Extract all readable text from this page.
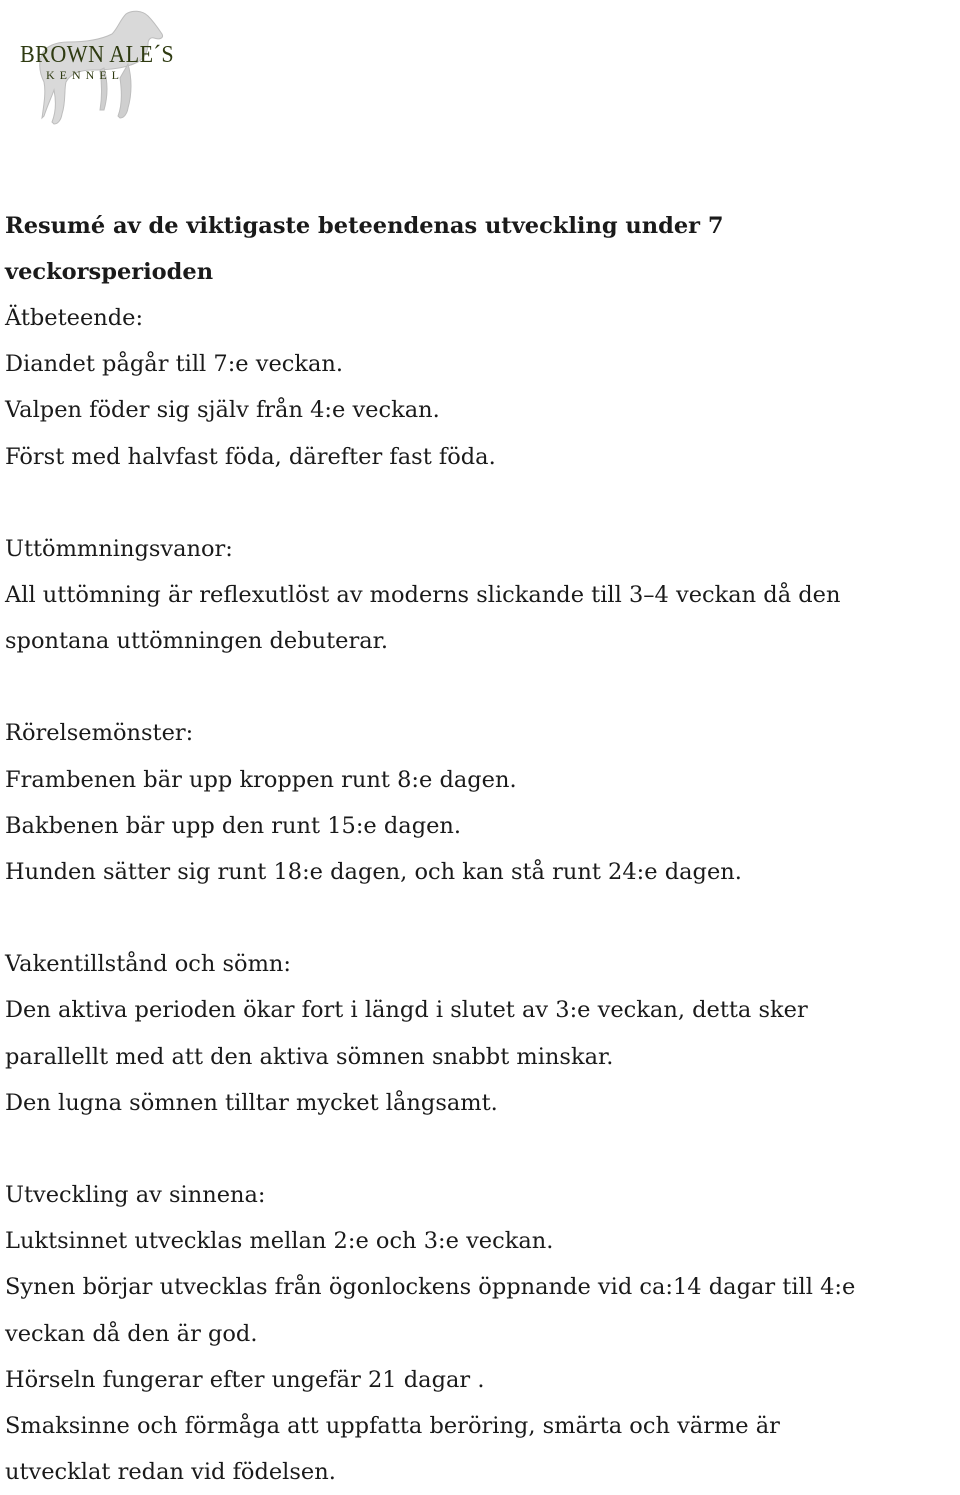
BROWN ALE´S
KENNEL

Resumé av de viktigaste beteendenas utveckling under 7

veckorsperioden

Ätbeteende:

Diandet pågår till 7:e veckan.

Valpen föder sig själv från 4:e veckan.

Först med halvfast föda, därefter fast föda.

Uttömmningsvanor:

All uttömning är reflexutlöst av moderns slickande till 3–4 veckan då den

spontana uttömningen debuterar.

Rörelsemönster:

Frambenen bär upp kroppen runt 8:e dagen.

Bakbenen bär upp den runt 15:e dagen.

Hunden sätter sig runt 18:e dagen, och kan stå runt 24:e dagen.

Vakentillstånd och sömn:

Den aktiva perioden ökar fort i längd i slutet av 3:e veckan, detta sker

parallellt med att den aktiva sömnen snabbt minskar.

Den lugna sömnen tilltar mycket långsamt.

Utveckling av sinnena:

Luktsinnet utvecklas mellan 2:e och 3:e veckan.

Synen börjar utvecklas från ögonlockens öppnande vid ca:14 dagar till 4:e

veckan då den är god.

Hörseln fungerar efter ungefär 21 dagar .

Smaksinne och förmåga att uppfatta beröring, smärta och värme är

utvecklat redan vid födelsen.
